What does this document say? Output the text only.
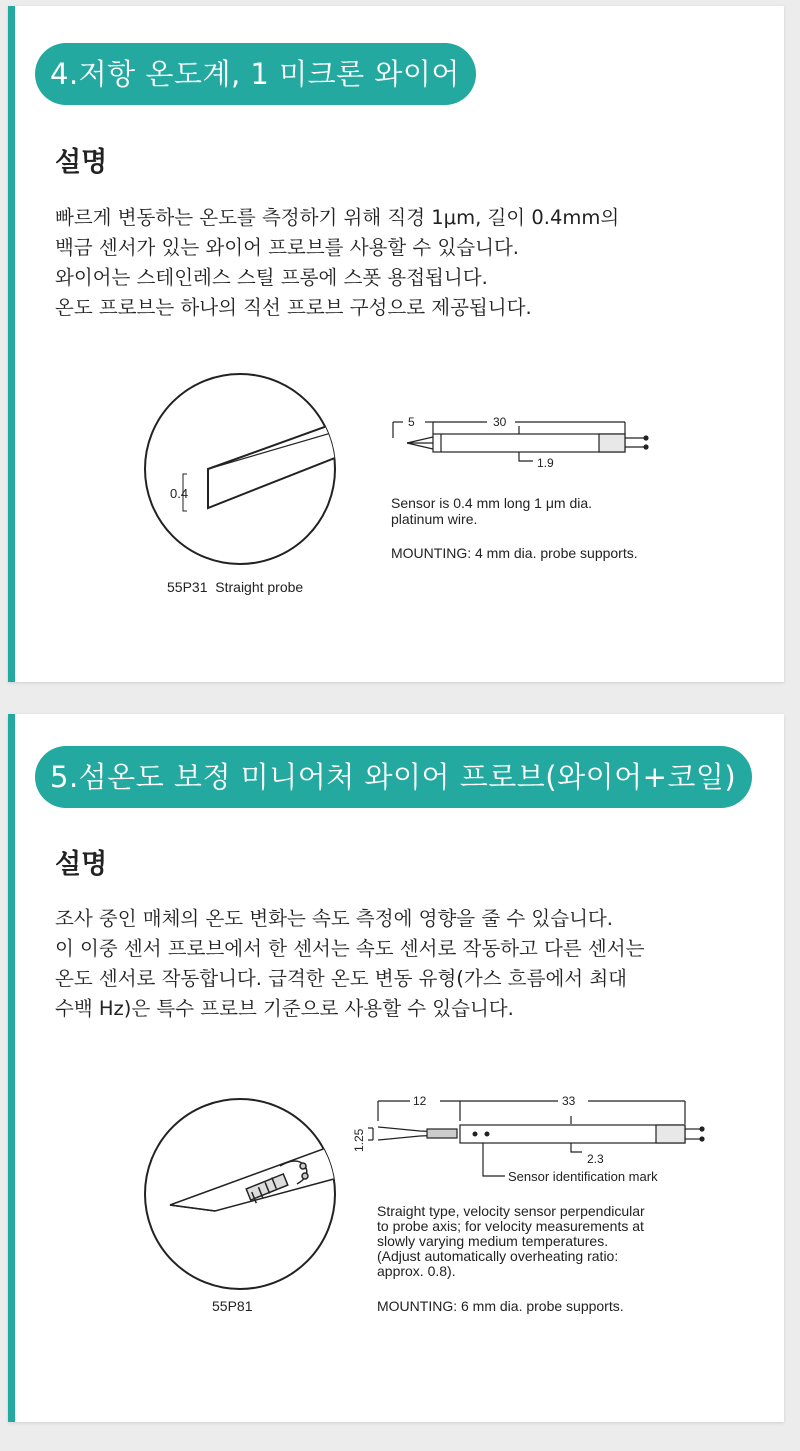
4.저항 온도계, 1 미크론 와이어
설명
빠르게 변동하는 온도를 측정하기 위해 직경 1μm, 길이 0.4mm의
백금 센서가 있는 와이어 프로브를 사용할 수 있습니다.
와이어는 스테인레스 스틸 프롱에 스폿 용접됩니다.
온도 프로브는 하나의 직선 프로브 구성으로 제공됩니다.
0.4
55P31  Straight probe
5	30
1.9
Sensor is 0.4 mm long 1 μm dia.
platinum wire.
MOUNTING: 4 mm dia. probe supports.
5.섬온도 보정 미니어처 와이어 프로브(와이어+코일)
설명
조사 중인 매체의 온도 변화는 속도 측정에 영향을 줄 수 있습니다.
이 이중 센서 프로브에서 한 센서는 속도 센서로 작동하고 다른 센서는
온도 센서로 작동합니다. 급격한 온도 변동 유형(가스 흐름에서 최대
수백 Hz)은 특수 프로브 기준으로 사용할 수 있습니다.
55P81
12	33
2.3
1.25
Sensor identification mark
Straight type, velocity sensor perpendicular
to probe axis; for velocity measurements at
slowly varying medium temperatures.
(Adjust automatically overheating ratio:
approx. 0.8).
MOUNTING: 6 mm dia. probe supports.
